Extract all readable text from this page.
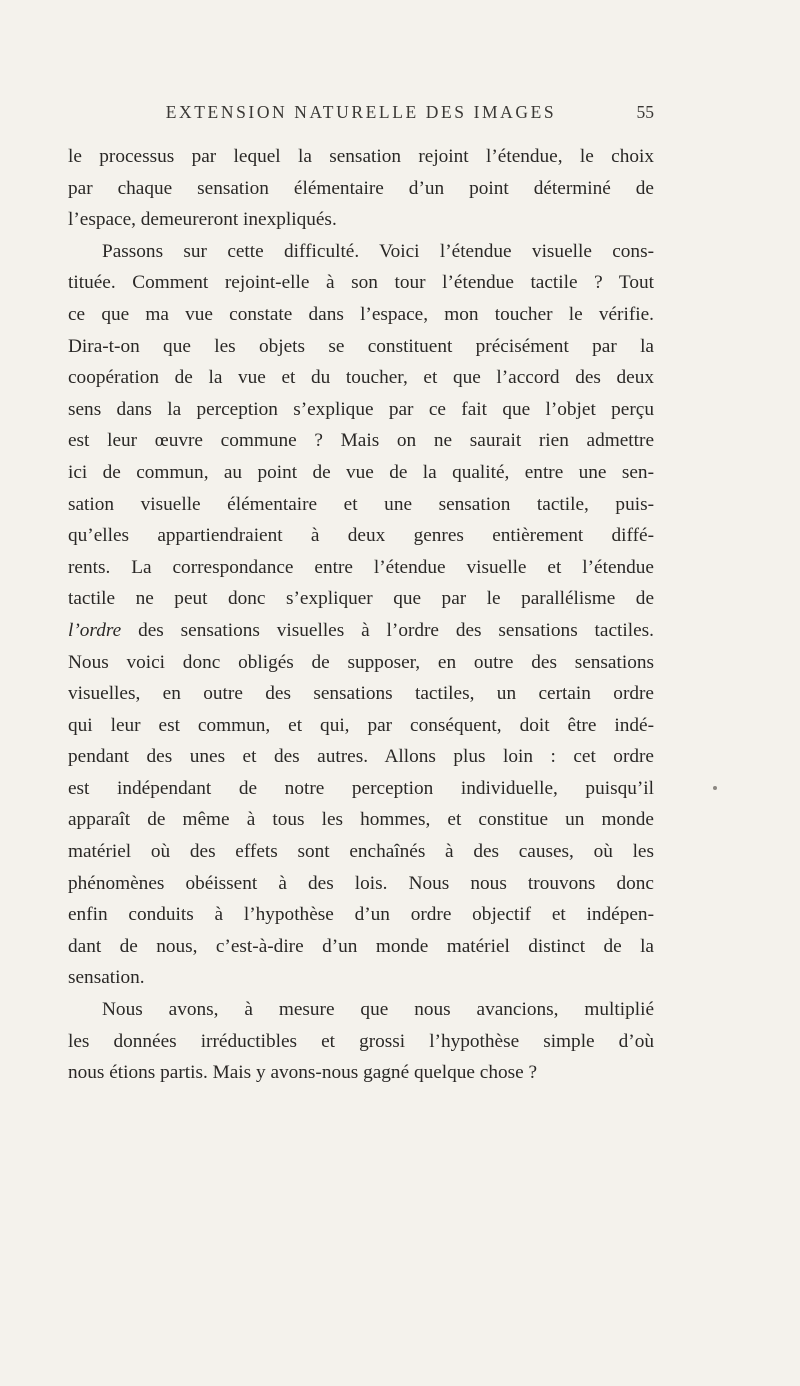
EXTENSION NATURELLE DES IMAGES	55
le processus par lequel la sensation rejoint l’étendue, le choix
par chaque sensation élémentaire d’un point déterminé de
l’espace, demeureront inexpliqués.
Passons sur cette difficulté. Voici l’étendue visuelle cons-
tituée. Comment rejoint-elle à son tour l’étendue tactile ? Tout
ce que ma vue constate dans l’espace, mon toucher le vérifie.
Dira-t-on que les objets se constituent précisément par la
coopération de la vue et du toucher, et que l’accord des deux
sens dans la perception s’explique par ce fait que l’objet perçu
est leur œuvre commune ? Mais on ne saurait rien admettre
ici de commun, au point de vue de la qualité, entre une sen-
sation visuelle élémentaire et une sensation tactile, puis-
qu’elles appartiendraient à deux genres entièrement diffé-
rents. La correspondance entre l’étendue visuelle et l’étendue
tactile ne peut donc s’expliquer que par le parallélisme de
l’ordre des sensations visuelles à l’ordre des sensations tactiles.
Nous voici donc obligés de supposer, en outre des sensations
visuelles, en outre des sensations tactiles, un certain ordre
qui leur est commun, et qui, par conséquent, doit être indé-
pendant des unes et des autres. Allons plus loin : cet ordre
est indépendant de notre perception individuelle, puisqu’il
apparaît de même à tous les hommes, et constitue un monde
matériel où des effets sont enchaînés à des causes, où les
phénomènes obéissent à des lois. Nous nous trouvons donc
enfin conduits à l’hypothèse d’un ordre objectif et indépen-
dant de nous, c’est-à-dire d’un monde matériel distinct de la
sensation.
Nous avons, à mesure que nous avancions, multiplié
les données irréductibles et grossi l’hypothèse simple d’où
nous étions partis. Mais y avons-nous gagné quelque chose ?
